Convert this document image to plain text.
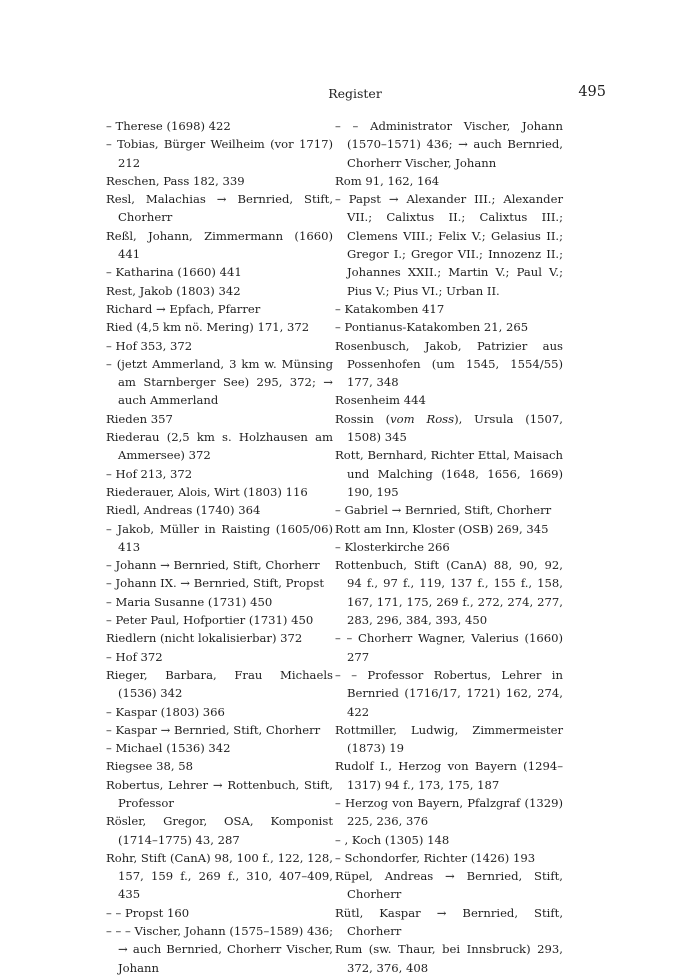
Register	495
– Therese (1698) 422
– Tobias, Bürger Weilheim (vor 1717) 212
Reschen, Pass 182, 339
Resl, Malachias → Bernried, Stift, Chorherr
Reßl, Johann, Zimmermann (1660) 441
– Katharina (1660) 441
Rest, Jakob (1803) 342
Richard → Epfach, Pfarrer
Ried (4,5 km nö. Mering) 171, 372
– Hof 353, 372
– (jetzt Ammerland, 3 km w. Münsing am Starnberger See) 295, 372; → auch Ammerland
Rieden 357
Riederau (2,5 km s. Holzhausen am Ammersee) 372
– Hof 213, 372
Riederauer, Alois, Wirt (1803) 116
Riedl, Andreas (1740) 364
– Jakob, Müller in Raisting (1605/06) 413
– Johann → Bernried, Stift, Chorherr
– Johann IX. → Bernried, Stift, Propst
– Maria Susanne (1731) 450
– Peter Paul, Hofportier (1731) 450
Riedlern (nicht lokalisierbar) 372
– Hof 372
Rieger, Barbara, Frau Michaels (1536) 342
– Kaspar (1803) 366
– Kaspar → Bernried, Stift, Chorherr
– Michael (1536) 342
Riegsee 38, 58
Robertus, Lehrer → Rottenbuch, Stift, Professor
Rösler, Gregor, OSA, Komponist (1714–1775) 43, 287
Rohr, Stift (CanA) 98, 100 f., 122, 128, 157, 159 f., 269 f., 310, 407–409, 435
– – Propst 160
– – – Vischer, Johann (1575–1589) 436; → auch Bernried, Chorherr Vischer, Johann
– – Administrator Vischer, Johann (1570–1571) 436; → auch Bernried, Chorherr Vischer, Johann
Rom 91, 162, 164
– Papst → Alexander III.; Alexander VII.; Calixtus II.; Calixtus III.; Clemens VIII.; Felix V.; Gelasius II.; Gregor I.; Gregor VII.; Innozenz II.; Johannes XXII.; Martin V.; Paul V.; Pius V.; Pius VI.; Urban II.
– Katakomben 417
– Pontianus-Katakomben 21, 265
Rosenbusch, Jakob, Patrizier aus Possenhofen (um 1545, 1554/55) 177, 348
Rosenheim 444
Rossin (vom Ross), Ursula (1507, 1508) 345
Rott, Bernhard, Richter Ettal, Maisach und Malching (1648, 1656, 1669) 190, 195
– Gabriel → Bernried, Stift, Chorherr
Rott am Inn, Kloster (OSB) 269, 345
– Klosterkirche 266
Rottenbuch, Stift (CanA) 88, 90, 92, 94 f., 97 f., 119, 137 f., 155 f., 158, 167, 171, 175, 269 f., 272, 274, 277, 283, 296, 384, 393, 450
– – Chorherr Wagner, Valerius (1660) 277
– – Professor Robertus, Lehrer in Bernried (1716/17, 1721) 162, 274, 422
Rottmiller, Ludwig, Zimmermeister (1873) 19
Rudolf I., Herzog von Bayern (1294–1317) 94 f., 173, 175, 187
– Herzog von Bayern, Pfalzgraf (1329) 225, 236, 376
– , Koch (1305) 148
– Schondorfer, Richter (1426) 193
Rüpel, Andreas → Bernried, Stift, Chorherr
Rütl, Kaspar → Bernried, Stift, Chorherr
Rum (sw. Thaur, bei Innsbruck) 293, 372, 376, 408
